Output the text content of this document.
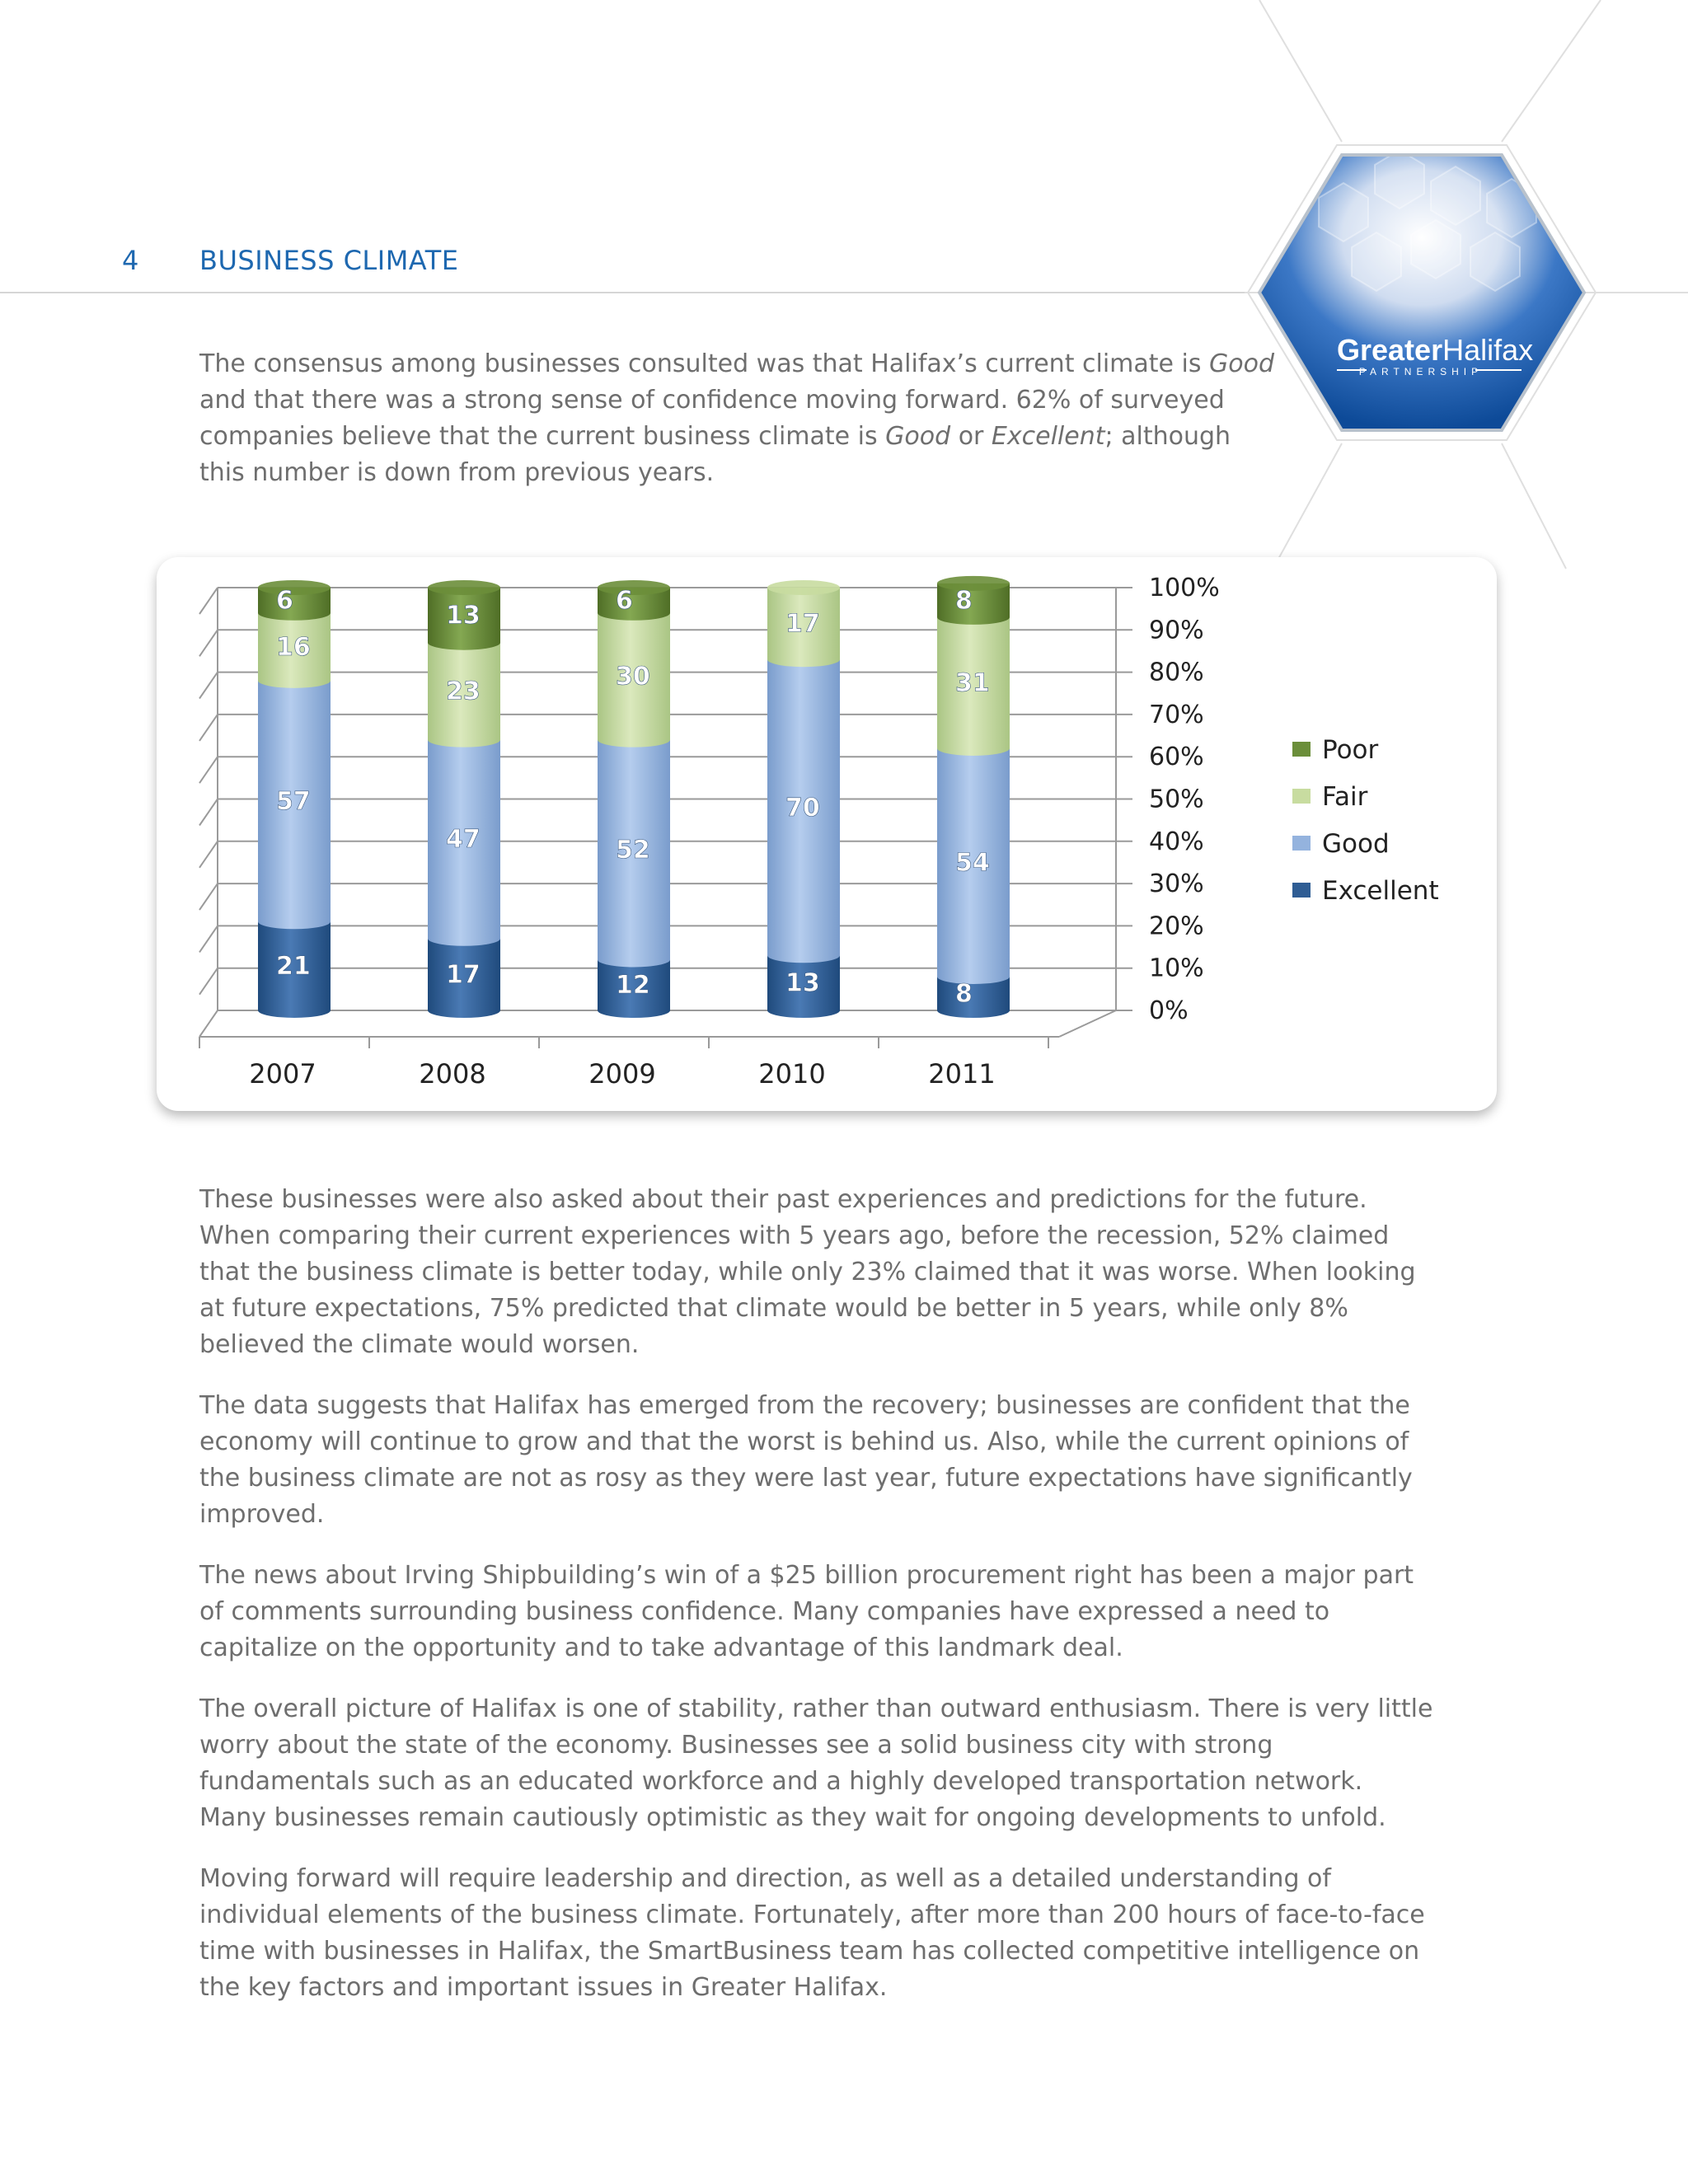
4 BUSINESS CLIMATE
GreaterHalifax
PARTNERSHIP

The consensus among businesses consulted was that Halifax’s current climate is Good and that there was a strong sense of confidence moving forward. 62% of surveyed companies believe that the current business climate is Good or Excellent; although this number is down from previous years.

21
57
16
6
17
47
23
13
12
52
30
6
13
70
17
8
54
31
8
0%
10%
20%
30%
40%
50%
60%
70%
80%
90%
100%
2007	2008	2009	2010	2011
Poor
Fair
Good
Excellent

These businesses were also asked about their past experiences and predictions for the future. When comparing their current experiences with 5 years ago, before the recession, 52% claimed that the business climate is better today, while only 23% claimed that it was worse. When looking at future expectations, 75% predicted that climate would be better in 5 years, while only 8% believed the climate would worsen.

The data suggests that Halifax has emerged from the recovery; businesses are confident that the economy will continue to grow and that the worst is behind us. Also, while the current opinions of the business climate are not as rosy as they were last year, future expectations have significantly improved.

The news about Irving Shipbuilding’s win of a $25 billion procurement right has been a major part of comments surrounding business confidence. Many companies have expressed a need to capitalize on the opportunity and to take advantage of this landmark deal.

The overall picture of Halifax is one of stability, rather than outward enthusiasm. There is very little worry about the state of the economy. Businesses see a solid business city with strong fundamentals such as an educated workforce and a highly developed transportation network. Many businesses remain cautiously optimistic as they wait for ongoing developments to unfold.

Moving forward will require leadership and direction, as well as a detailed understanding of individual elements of the business climate. Fortunately, after more than 200 hours of face-to-face time with businesses in Halifax, the SmartBusiness team has collected competitive intelligence on the key factors and important issues in Greater Halifax.
